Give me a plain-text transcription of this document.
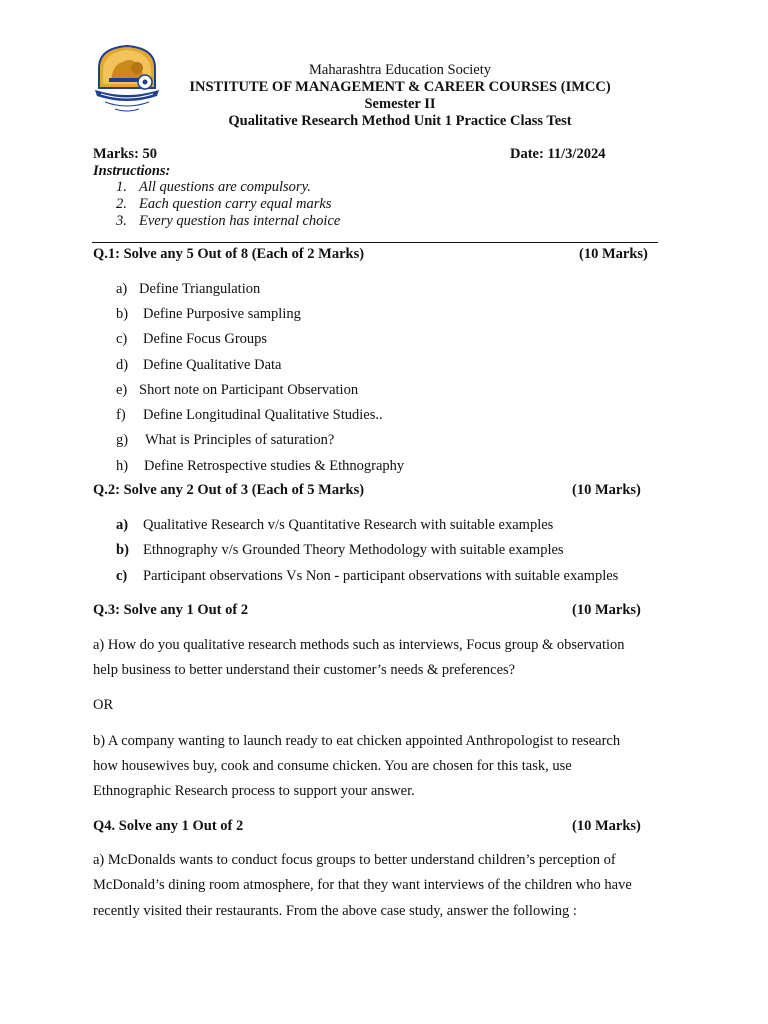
Maharashtra Education Society
INSTITUTE OF MANAGEMENT & CAREER COURSES (IMCC)
Semester II
Qualitative Research Method Unit 1 Practice Class Test
Marks: 50	Date: 11/3/2024
Instructions:
1. All questions are compulsory.
2. Each question carry equal marks
3. Every question has internal choice
Q.1: Solve any 5 Out of 8 (Each of 2 Marks)	(10 Marks)
a) Define Triangulation
b) Define Purposive sampling
c) Define Focus Groups
d) Define Qualitative Data
e) Short note on Participant Observation
f) Define Longitudinal Qualitative Studies..
g) What is Principles of saturation?
h) Define Retrospective studies & Ethnography
Q.2: Solve any 2 Out of 3 (Each of 5 Marks)	(10 Marks)
a) Qualitative Research v/s Quantitative Research with suitable examples
b) Ethnography v/s Grounded Theory Methodology with suitable examples
c) Participant observations Vs Non - participant observations with suitable examples
Q.3: Solve any 1 Out of 2	(10 Marks)
a) How do you qualitative research methods such as interviews, Focus group & observation
help business to better understand their customer’s needs & preferences?
OR
b) A company wanting to launch ready to eat chicken appointed Anthropologist to research
how housewives buy, cook and consume chicken. You are chosen for this task, use
Ethnographic Research process to support your answer.
Q4. Solve any 1 Out of 2	(10 Marks)
a) McDonalds wants to conduct focus groups to better understand children’s perception of
McDonald’s dining room atmosphere, for that they want interviews of the children who have
recently visited their restaurants. From the above case study, answer the following :
